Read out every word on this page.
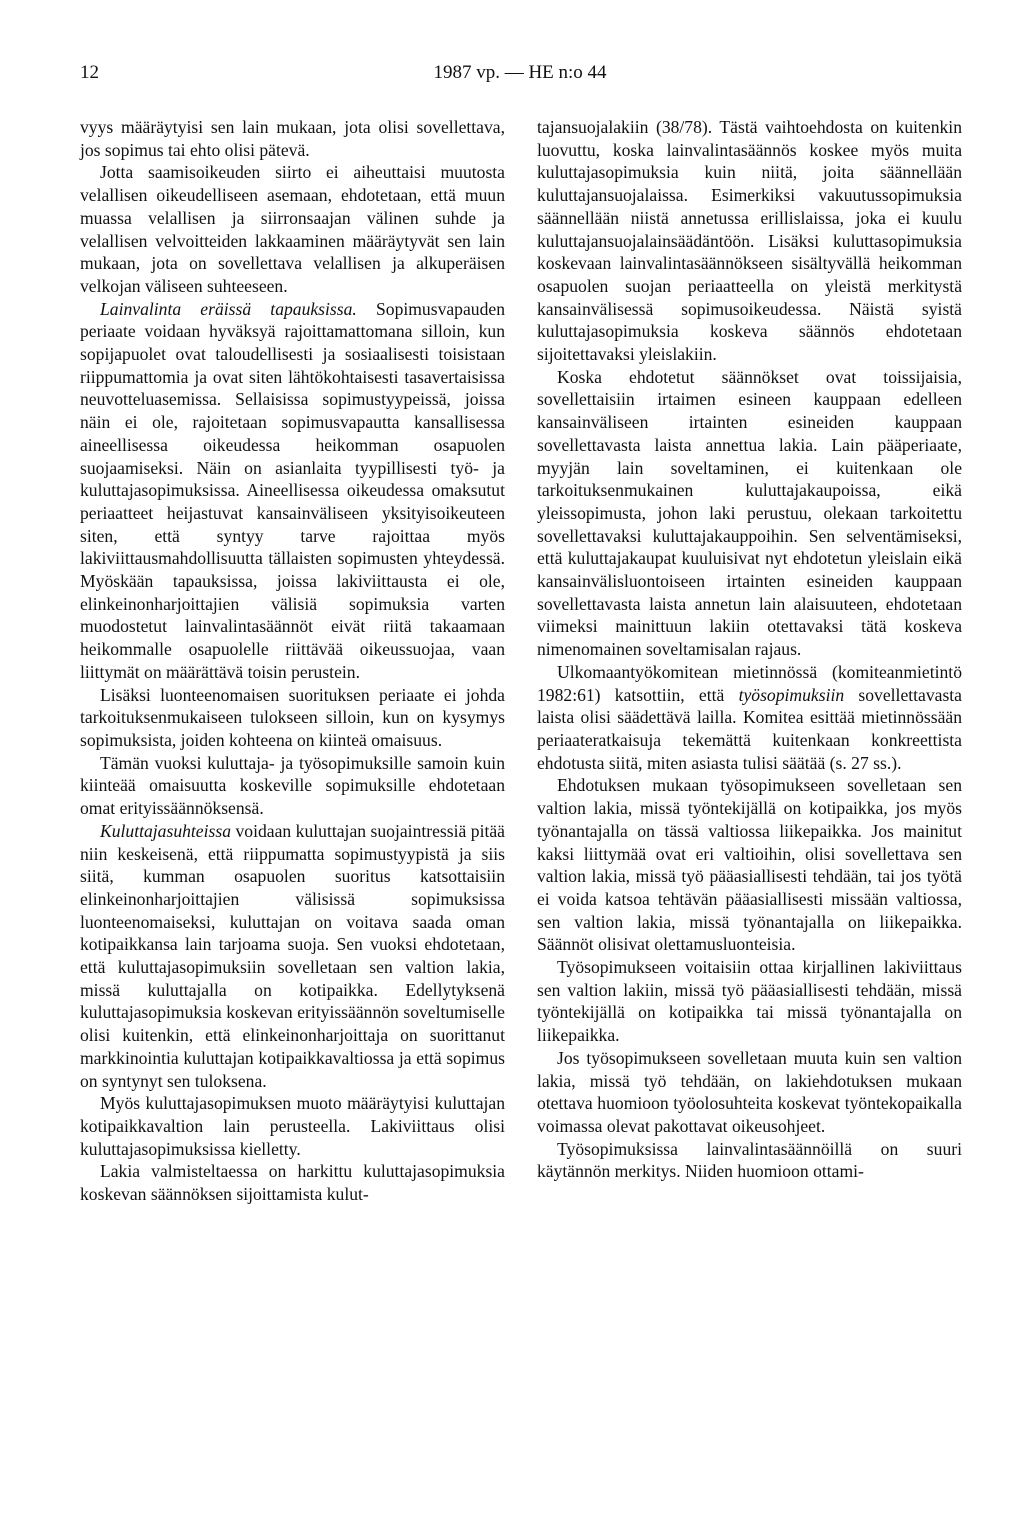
12	1987 vp. — HE n:o 44

vyys määräytyisi sen lain mukaan, jota olisi sovellettava, jos sopimus tai ehto olisi pätevä.

Jotta saamisoikeuden siirto ei aiheuttaisi muutosta velallisen oikeudelliseen asemaan, ehdotetaan, että muun muassa velallisen ja siirronsaajan välinen suhde ja velallisen velvoitteiden lakkaaminen määräytyvät sen lain mukaan, jota on sovellettava velallisen ja alkuperäisen velkojan väliseen suhteeseen.

Lainvalinta eräissä tapauksissa. Sopimusvapauden periaate voidaan hyväksyä rajoittamattomana silloin, kun sopijapuolet ovat taloudellisesti ja sosiaalisesti toisistaan riippumattomia ja ovat siten lähtökohtaisesti tasavertaisissa neuvotteluasemissa. Sellaisissa sopimustyypeissä, joissa näin ei ole, rajoitetaan sopimusvapautta kansallisessa aineellisessa oikeudessa heikomman osapuolen suojaamiseksi. Näin on asianlaita tyypillisesti työ- ja kuluttajasopimuksissa. Aineellisessa oikeudessa omaksutut periaatteet heijastuvat kansainväliseen yksityisoikeuteen siten, että syntyy tarve rajoittaa myös lakiviittausmahdollisuutta tällaisten sopimusten yhteydessä. Myöskään tapauksissa, joissa lakiviittausta ei ole, elinkeinonharjoittajien välisiä sopimuksia varten muodostetut lainvalintasäännöt eivät riitä takaamaan heikommalle osapuolelle riittävää oikeussuojaa, vaan liittymät on määrättävä toisin perustein.

Lisäksi luonteenomaisen suorituksen periaate ei johda tarkoituksenmukaiseen tulokseen silloin, kun on kysymys sopimuksista, joiden kohteena on kiinteä omaisuus.

Tämän vuoksi kuluttaja- ja työsopimuksille samoin kuin kiinteää omaisuutta koskeville sopimuksille ehdotetaan omat erityissäännöksensä.

Kuluttajasuhteissa voidaan kuluttajan suojaintressiä pitää niin keskeisenä, että riippumatta sopimustyypistä ja siis siitä, kumman osapuolen suoritus katsottaisiin elinkeinonharjoittajien välisissä sopimuksissa luonteenomaiseksi, kuluttajan on voitava saada oman kotipaikkansa lain tarjoama suoja. Sen vuoksi ehdotetaan, että kuluttajasopimuksiin sovelletaan sen valtion lakia, missä kuluttajalla on kotipaikka. Edellytyksenä kuluttajasopimuksia koskevan erityissäännön soveltumiselle olisi kuitenkin, että elinkeinonharjoittaja on suorittanut markkinointia kuluttajan kotipaikkavaltiossa ja että sopimus on syntynyt sen tuloksena.

Myös kuluttajasopimuksen muoto määräytyisi kuluttajan kotipaikkavaltion lain perusteella. Lakiviittaus olisi kuluttajasopimuksissa kielletty.

Lakia valmisteltaessa on harkittu kuluttajasopimuksia koskevan säännöksen sijoittamista kulut-

tajansuojalakiin (38/78). Tästä vaihtoehdosta on kuitenkin luovuttu, koska lainvalintasäännös koskee myös muita kuluttajasopimuksia kuin niitä, joita säännellään kuluttajansuojalaissa. Esimerkiksi vakuutussopimuksia säännellään niistä annetussa erillislaissa, joka ei kuulu kuluttajansuojalainsäädäntöön. Lisäksi kuluttasopimuksia koskevaan lainvalintasäännökseen sisältyvällä heikomman osapuolen suojan periaatteella on yleistä merkitystä kansainvälisessä sopimusoikeudessa. Näistä syistä kuluttajasopimuksia koskeva säännös ehdotetaan sijoitettavaksi yleislakiin.

Koska ehdotetut säännökset ovat toissijaisia, sovellettaisiin irtaimen esineen kauppaan edelleen kansainväliseen irtainten esineiden kauppaan sovellettavasta laista annettua lakia. Lain pääperiaate, myyjän lain soveltaminen, ei kuitenkaan ole tarkoituksenmukainen kuluttajakaupoissa, eikä yleissopimusta, johon laki perustuu, olekaan tarkoitettu sovellettavaksi kuluttajakauppoihin. Sen selventämiseksi, että kuluttajakaupat kuuluisivat nyt ehdotetun yleislain eikä kansainvälisluontoiseen irtainten esineiden kauppaan sovellettavasta laista annetun lain alaisuuteen, ehdotetaan viimeksi mainittuun lakiin otettavaksi tätä koskeva nimenomainen soveltamisalan rajaus.

Ulkomaantyökomitean mietinnössä (komiteanmietintö 1982:61) katsottiin, että työsopimuksiin sovellettavasta laista olisi säädettävä laillа. Komitea esittää mietinnössään periaateratkaisuja tekemättä kuitenkaan konkreettista ehdotusta siitä, miten asiasta tulisi säätää (s. 27 ss.).

Ehdotuksen mukaan työsopimukseen sovelletaan sen valtion lakia, missä työntekijällä on kotipaikka, jos myös työnantajalla on tässä valtiossa liikepaikka. Jos mainitut kaksi liittymää ovat eri valtioihin, olisi sovellettava sen valtion lakia, missä työ pääasiallisesti tehdään, tai jos työtä ei voida katsoa tehtävän pääasiallisesti missään valtiossa, sen valtion lakia, missä työnantajalla on liikepaikka. Säännöt olisivat olettamusluonteisia.

Työsopimukseen voitaisiin ottaa kirjallinen lakiviittaus sen valtion lakiin, missä työ pääasiallisesti tehdään, missä työntekijällä on kotipaikka tai missä työnantajalla on liikepaikka.

Jos työsopimukseen sovelletaan muuta kuin sen valtion lakia, missä työ tehdään, on lakiehdotuksen mukaan otettava huomioon työolosuhteita koskevat työntekopaikalla voimassa olevat pakottavat oikeusohjeet.

Työsopimuksissa lainvalintasäännöillä on suuri käytännön merkitys. Niiden huomioon ottami-
